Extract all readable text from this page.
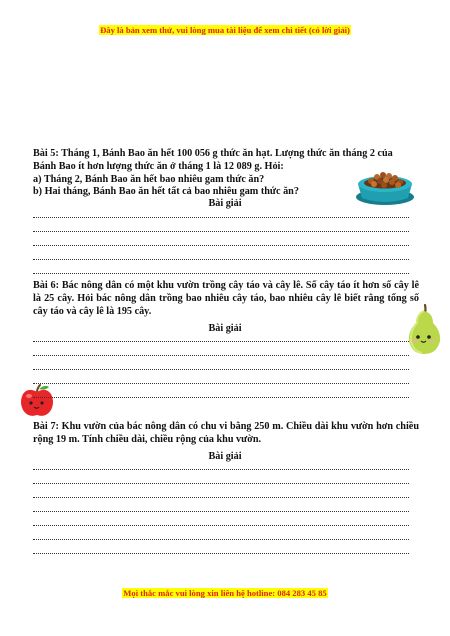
Đây là bản xem thử, vui lòng mua tài liệu để xem chi tiết (có lời giải)
Bài 5: Tháng 1, Bánh Bao ăn hết 100 056 g thức ăn hạt. Lượng thức ăn tháng 2 của
Bánh Bao ít hơn lượng thức ăn ở tháng 1 là 12 089 g. Hỏi:
a) Tháng 2, Bánh Bao ăn hết bao nhiêu gam thức ăn?
b) Hai tháng, Bánh Bao ăn hết tất cả bao nhiêu gam thức ăn?
Bài giải
Bài 6: Bác nông dân có một khu vườn trồng cây táo và cây lê. Số cây táo ít hơn số cây lê là 25 cây. Hỏi bác nông dân trồng bao nhiêu cây táo, bao nhiêu cây lê biết rằng tổng số cây táo và cây lê là 195 cây.
Bài giải
Bài 7: Khu vườn của bác nông dân có chu vi bằng 250 m. Chiều dài khu vườn hơn chiều rộng 19 m. Tính chiều dài, chiều rộng của khu vườn.
Bài giải
Mọi thắc mắc vui lòng xin liên hệ hotline: 084 283 45 85
